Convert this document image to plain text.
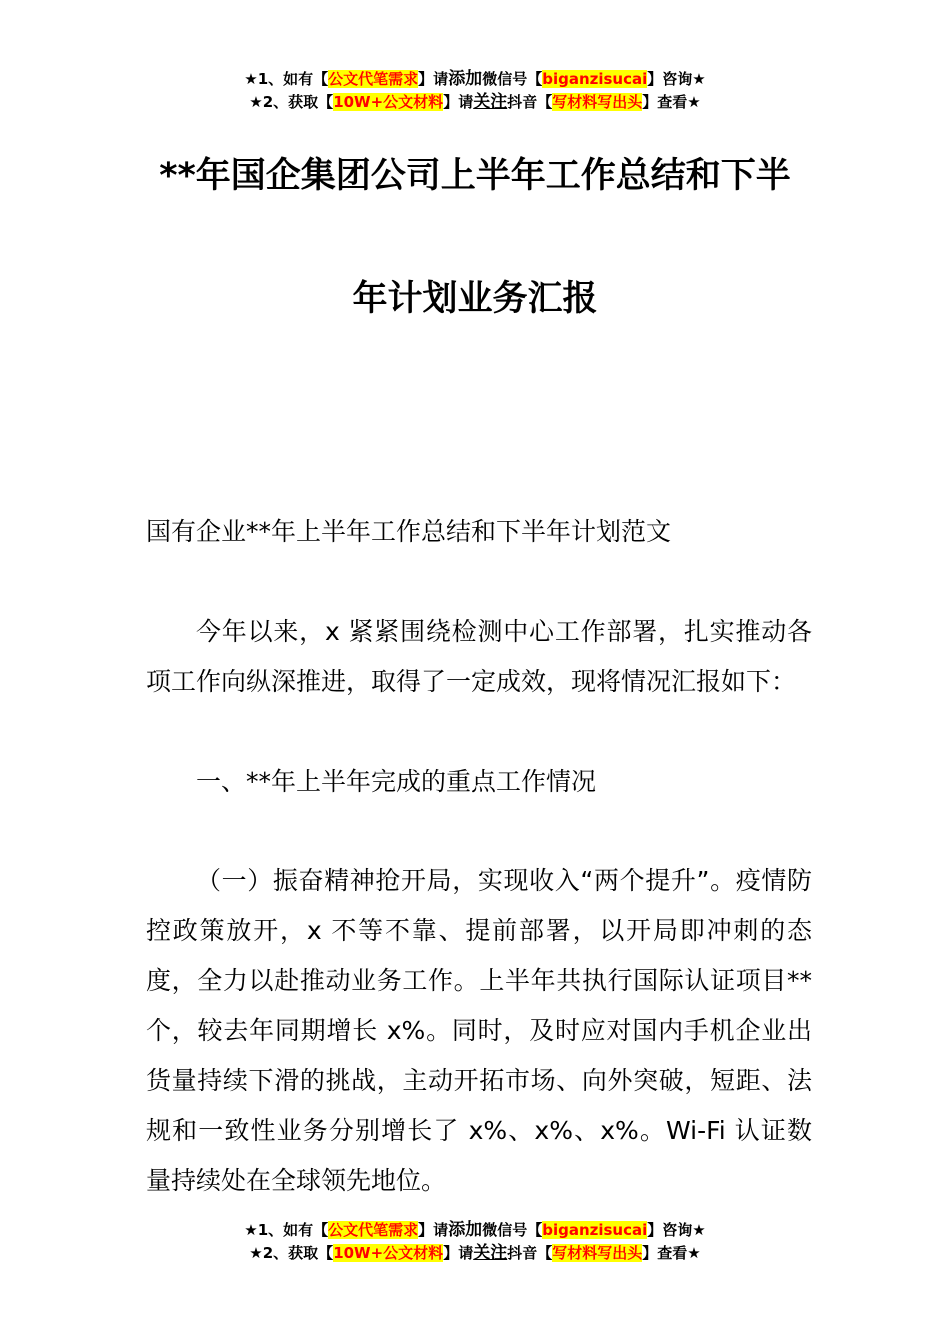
★1、如有【公文代笔需求】请添加微信号【biganzisucai】咨询★
★2、获取【10W+公文材料】请关注抖音【写材料写出头】查看★
**年国企集团公司上半年工作总结和下半
年计划业务汇报

国有企业**年上半年工作总结和下半年计划范文

今年以来，x 紧紧围绕检测中心工作部署，扎实推动各项工作向纵深推进，取得了一定成效，现将情况汇报如下：

一、**年上半年完成的重点工作情况

（一）振奋精神抢开局，实现收入“两个提升”。疫情防控政策放开，x 不等不靠、提前部署，以开局即冲刺的态度，全力以赴推动业务工作。上半年共执行国际认证项目**个，较去年同期增长 x%。同时，及时应对国内手机企业出货量持续下滑的挑战，主动开拓市场、向外突破，短距、法规和一致性业务分别增长了 x%、x%、x%。Wi-Fi 认证数量持续处在全球领先地位。

★1、如有【公文代笔需求】请添加微信号【biganzisucai】咨询★
★2、获取【10W+公文材料】请关注抖音【写材料写出头】查看★
